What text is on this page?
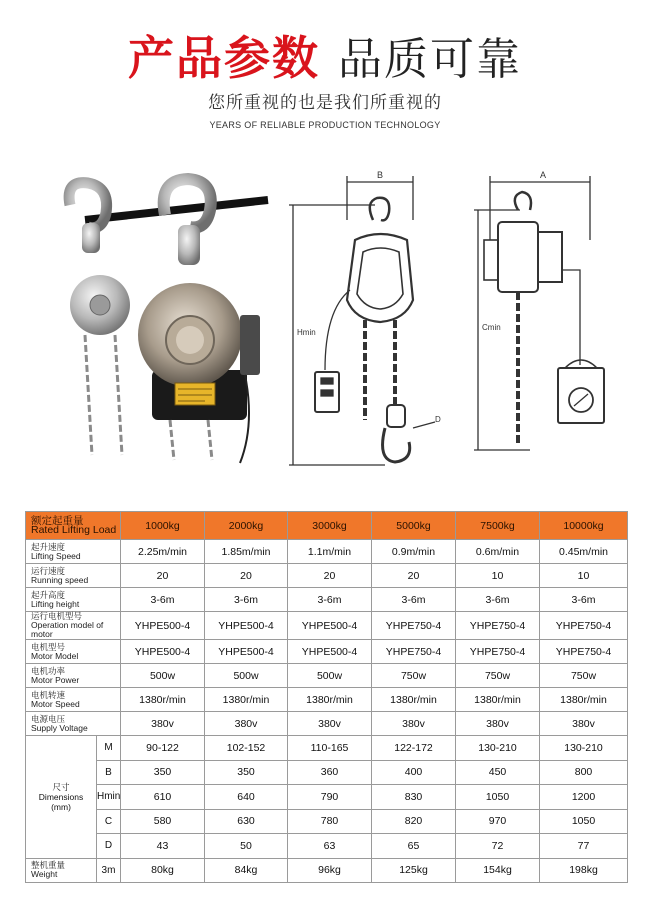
产品参数 品质可靠
您所重视的也是我们所重视的
YEARS OF RELIABLE PRODUCTION TECHNOLOGY
B
Hmin
D
A
Cmin
额定起重量
Rated Lifting Load		1000kg	2000kg	3000kg	5000kg	7500kg	10000kg

起升速度
Lifting Speed		2.25m/min	1.85m/min	1.1m/min	0.9m/min	0.6m/min	0.45m/min

运行速度
Running speed		20	20	20	20	10	10

起升高度
Lifting height		3-6m	3-6m	3-6m	3-6m	3-6m	3-6m

运行电机型号
Operation model of motor		YHPE500-4	YHPE500-4	YHPE500-4	YHPE750-4	YHPE750-4	YHPE750-4

电机型号
Motor Model		YHPE500-4	YHPE500-4	YHPE500-4	YHPE750-4	YHPE750-4	YHPE750-4

电机功率
Motor Power		500w	500w	500w	750w	750w	750w

电机转速
Motor Speed		1380r/min	1380r/min	1380r/min	1380r/min	1380r/min	1380r/min

电源电压
Supply Voltage		380v	380v	380v	380v	380v	380v

尺寸
Dimensions
(mm)	M	90-122	102-152	110-165	122-172	130-210	130-210
	B	350	350	360	400	450	800
	Hmin	610	640	790	830	1050	1200
	C	580	630	780	820	970	1050
	D	43	50	63	65	72	77

整机重量
Weight	3m	80kg	84kg	96kg	125kg	154kg	198kg
